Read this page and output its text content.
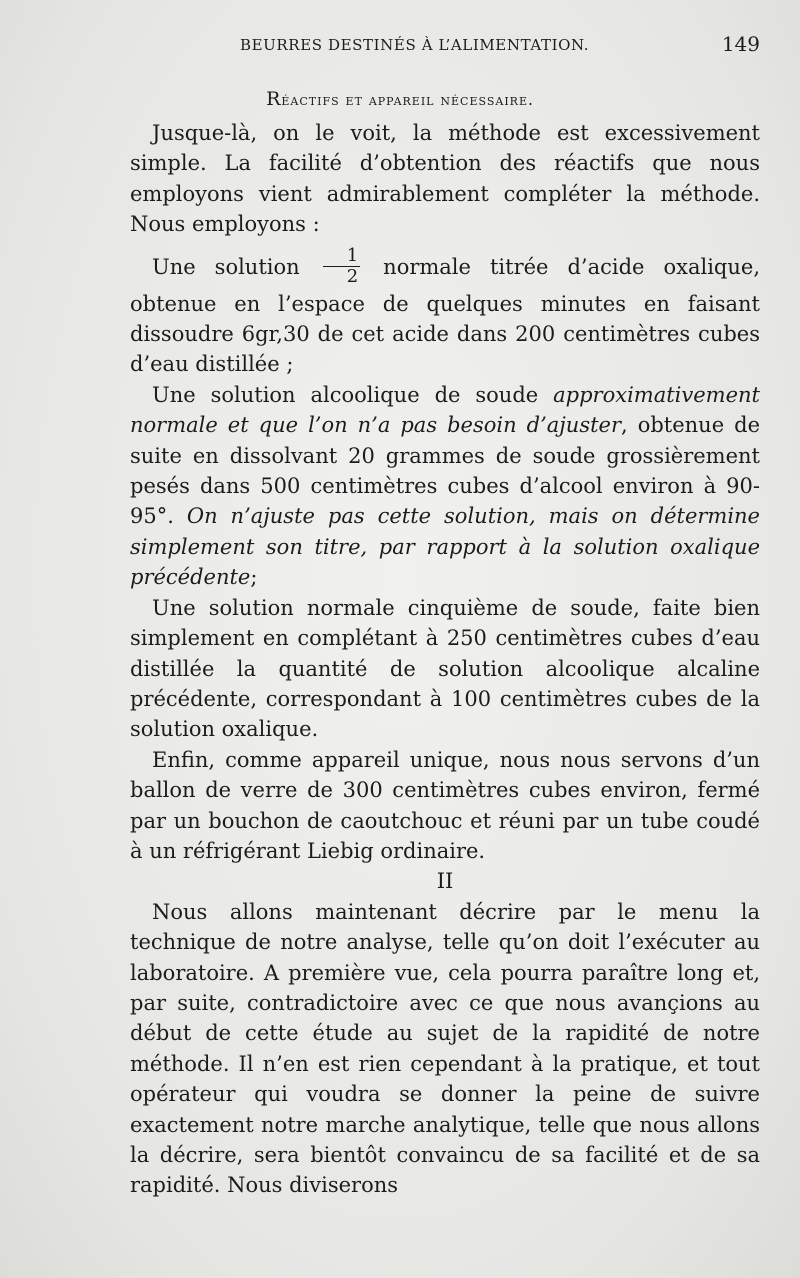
BEURRES DESTINÉS À L’ALIMENTATION.	149
Réactifs et appareil nécessaire.

Jusque-là, on le voit, la méthode est excessivement simple. La facilité d’obtention des réactifs que nous employons vient admirablement compléter la méthode. Nous employons :

Une solution $\frac{1}{2}$ normale titrée d’acide oxalique, obtenue en l’espace de quelques minutes en faisant dissoudre 6gr,30 de cet acide dans 200 centimètres cubes d’eau distillée ;

Une solution alcoolique de soude approximativement normale et que l’on n’a pas besoin d’ajuster, obtenue de suite en dissolvant 20 grammes de soude grossièrement pesés dans 500 centimètres cubes d’alcool environ à 90-95°. On n’ajuste pas cette solution, mais on détermine simplement son titre, par rapport à la solution oxalique précédente;

Une solution normale cinquième de soude, faite bien simplement en complétant à 250 centimètres cubes d’eau distillée la quantité de solution alcoolique alcaline précédente, correspondant à 100 centimètres cubes de la solution oxalique.

Enfin, comme appareil unique, nous nous servons d’un ballon de verre de 300 centimètres cubes environ, fermé par un bouchon de caoutchouc et réuni par un tube coudé à un réfrigérant Liebig ordinaire.

II

Nous allons maintenant décrire par le menu la technique de notre analyse, telle qu’on doit l’exécuter au laboratoire. A première vue, cela pourra paraître long et, par suite, contradictoire avec ce que nous avançions au début de cette étude au sujet de la rapidité de notre méthode. Il n’en est rien cependant à la pratique, et tout opérateur qui voudra se donner la peine de suivre exactement notre marche analytique, telle que nous allons la décrire, sera bientôt convaincu de sa facilité et de sa rapidité. Nous diviserons
